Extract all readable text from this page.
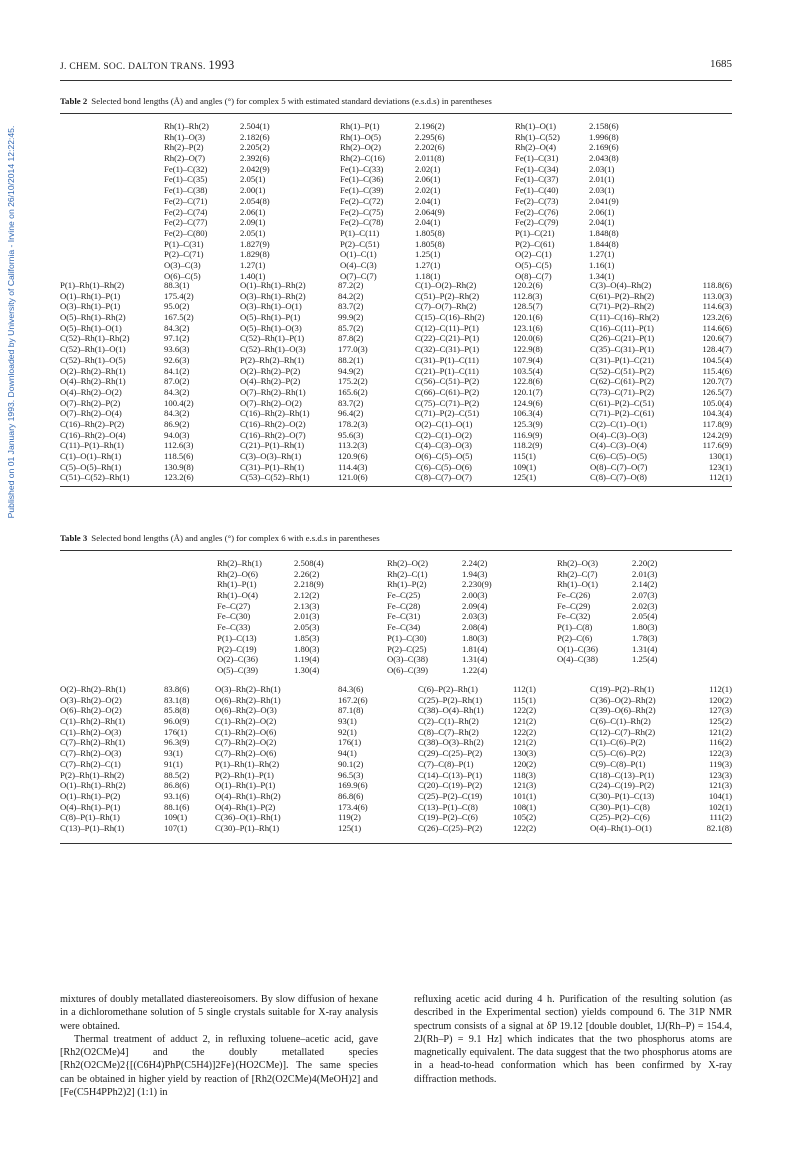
Published on 01 January 1993. Downloaded by University of California - Irvine on 26/10/2014 12:22:45.
J. CHEM. SOC. DALTON TRANS. 1993	1685
Table 2 Selected bond lengths (Å) and angles (°) for complex 5 with estimated standard deviations (e.s.d.s) in parentheses
Rh(1)–Rh(2)	2.504(1)	Rh(1)–P(1)	2.196(2)	Rh(1)–O(1)	2.158(6)
Rh(1)–O(3)	2.182(6)	Rh(1)–O(5)	2.295(6)	Rh(1)–C(52)	1.996(8)
Rh(2)–P(2)	2.205(2)	Rh(2)–O(2)	2.202(6)	Rh(2)–O(4)	2.169(6)
Rh(2)–O(7)	2.392(6)	Rh(2)–C(16)	2.011(8)	Fe(1)–C(31)	2.043(8)
Fe(1)–C(32)	2.042(9)	Fe(1)–C(33)	2.02(1)	Fe(1)–C(34)	2.03(1)
Fe(1)–C(35)	2.05(1)	Fe(1)–C(36)	2.06(1)	Fe(1)–C(37)	2.01(1)
Fe(1)–C(38)	2.00(1)	Fe(1)–C(39)	2.02(1)	Fe(1)–C(40)	2.03(1)
Fe(2)–C(71)	2.054(8)	Fe(2)–C(72)	2.04(1)	Fe(2)–C(73)	2.041(9)
Fe(2)–C(74)	2.06(1)	Fe(2)–C(75)	2.064(9)	Fe(2)–C(76)	2.06(1)
Fe(2)–C(77)	2.09(1)	Fe(2)–C(78)	2.04(1)	Fe(2)–C(79)	2.04(1)
Fe(2)–C(80)	2.05(1)	P(1)–C(11)	1.805(8)	P(1)–C(21)	1.848(8)
P(1)–C(31)	1.827(9)	P(2)–C(51)	1.805(8)	P(2)–C(61)	1.844(8)
P(2)–C(71)	1.829(8)	O(1)–C(1)	1.25(1)	O(2)–C(1)	1.27(1)
O(3)–C(3)	1.27(1)	O(4)–C(3)	1.27(1)	O(5)–C(5)	1.16(1)
O(6)–C(5)	1.40(1)	O(7)–C(7)	1.18(1)	O(8)–C(7)	1.34(1)
P(1)–Rh(1)–Rh(2)	88.3(1)	O(1)–Rh(1)–Rh(2)	87.2(2)	C(1)–O(2)–Rh(2)	120.2(6)	C(3)–O(4)–Rh(2)	118.8(6)
O(1)–Rh(1)–P(1)	175.4(2)	O(3)–Rh(1)–Rh(2)	84.2(2)	C(51)–P(2)–Rh(2)	112.8(3)	C(61)–P(2)–Rh(2)	113.0(3)
O(3)–Rh(1)–P(1)	95.0(2)	O(3)–Rh(1)–O(1)	83.7(2)	C(7)–O(7)–Rh(2)	128.5(7)	C(71)–P(2)–Rh(2)	114.6(3)
O(5)–Rh(1)–Rh(2)	167.5(2)	O(5)–Rh(1)–P(1)	99.9(2)	C(15)–C(16)–Rh(2)	120.1(6)	C(11)–C(16)–Rh(2)	123.2(6)
O(5)–Rh(1)–O(1)	84.3(2)	O(5)–Rh(1)–O(3)	85.7(2)	C(12)–C(11)–P(1)	123.1(6)	C(16)–C(11)–P(1)	114.6(6)
C(52)–Rh(1)–Rh(2)	97.1(2)	C(52)–Rh(1)–P(1)	87.8(2)	C(22)–C(21)–P(1)	120.0(6)	C(26)–C(21)–P(1)	120.6(7)
C(52)–Rh(1)–O(1)	93.6(3)	C(52)–Rh(1)–O(3)	177.0(3)	C(32)–C(31)–P(1)	122.9(8)	C(35)–C(31)–P(1)	128.4(7)
C(52)–Rh(1)–O(5)	92.6(3)	P(2)–Rh(2)–Rh(1)	88.2(1)	C(31)–P(1)–C(11)	107.9(4)	C(31)–P(1)–C(21)	104.5(4)
O(2)–Rh(2)–Rh(1)	84.1(2)	O(2)–Rh(2)–P(2)	94.9(2)	C(21)–P(1)–C(11)	103.5(4)	C(52)–C(51)–P(2)	115.4(6)
O(4)–Rh(2)–Rh(1)	87.0(2)	O(4)–Rh(2)–P(2)	175.2(2)	C(56)–C(51)–P(2)	122.8(6)	C(62)–C(61)–P(2)	120.7(7)
O(4)–Rh(2)–O(2)	84.3(2)	O(7)–Rh(2)–Rh(1)	165.6(2)	C(66)–C(61)–P(2)	120.1(7)	C(73)–C(71)–P(2)	126.5(7)
O(7)–Rh(2)–P(2)	100.4(2)	O(7)–Rh(2)–O(2)	83.7(2)	C(75)–C(71)–P(2)	124.9(6)	C(61)–P(2)–C(51)	105.0(4)
O(7)–Rh(2)–O(4)	84.3(2)	C(16)–Rh(2)–Rh(1)	96.4(2)	C(71)–P(2)–C(51)	106.3(4)	C(71)–P(2)–C(61)	104.3(4)
C(16)–Rh(2)–P(2)	86.9(2)	C(16)–Rh(2)–O(2)	178.2(3)	O(2)–C(1)–O(1)	125.3(9)	C(2)–C(1)–O(1)	117.8(9)
C(16)–Rh(2)–O(4)	94.0(3)	C(16)–Rh(2)–O(7)	95.6(3)	C(2)–C(1)–O(2)	116.9(9)	O(4)–C(3)–O(3)	124.2(9)
C(11)–P(1)–Rh(1)	112.6(3)	C(21)–P(1)–Rh(1)	113.2(3)	C(4)–C(3)–O(3)	118.2(9)	C(4)–C(3)–O(4)	117.6(9)
C(1)–O(1)–Rh(1)	118.5(6)	C(3)–O(3)–Rh(1)	120.9(6)	O(6)–C(5)–O(5)	115(1)	C(6)–C(5)–O(5)	130(1)
C(5)–O(5)–Rh(1)	130.9(8)	C(31)–P(1)–Rh(1)	114.4(3)	C(6)–C(5)–O(6)	109(1)	O(8)–C(7)–O(7)	123(1)
C(51)–C(52)–Rh(1)	123.2(6)	C(53)–C(52)–Rh(1)	121.0(6)	C(8)–C(7)–O(7)	125(1)	C(8)–C(7)–O(8)	112(1)
Table 3 Selected bond lengths (Å) and angles (°) for complex 6 with e.s.d.s in parentheses
Rh(2)–Rh(1)	2.508(4)	Rh(2)–O(2)	2.24(2)	Rh(2)–O(3)	2.20(2)
Rh(2)–O(6)	2.26(2)	Rh(2)–C(1)	1.94(3)	Rh(2)–C(7)	2.01(3)
Rh(1)–P(1)	2.218(9)	Rh(1)–P(2)	2.230(9)	Rh(1)–O(1)	2.14(2)
Rh(1)–O(4)	2.12(2)	Fe–C(25)	2.00(3)	Fe–C(26)	2.07(3)
Fe–C(27)	2.13(3)	Fe–C(28)	2.09(4)	Fe–C(29)	2.02(3)
Fe–C(30)	2.01(3)	Fe–C(31)	2.03(3)	Fe–C(32)	2.05(4)
Fe–C(33)	2.05(3)	Fe–C(34)	2.08(4)	P(1)–C(8)	1.80(3)
P(1)–C(13)	1.85(3)	P(1)–C(30)	1.80(3)	P(2)–C(6)	1.78(3)
P(2)–C(19)	1.80(3)	P(2)–C(25)	1.81(4)	O(1)–C(36)	1.31(4)
O(2)–C(36)	1.19(4)	O(3)–C(38)	1.31(4)	O(4)–C(38)	1.25(4)
O(5)–C(39)	1.30(4)	O(6)–C(39)	1.22(4)
O(2)–Rh(2)–Rh(1)	83.8(6)	O(3)–Rh(2)–Rh(1)	84.3(6)	C(6)–P(2)–Rh(1)	112(1)	C(19)–P(2)–Rh(1)	112(1)
O(3)–Rh(2)–O(2)	83.1(8)	O(6)–Rh(2)–Rh(1)	167.2(6)	C(25)–P(2)–Rh(1)	115(1)	C(36)–O(2)–Rh(2)	120(2)
O(6)–Rh(2)–O(2)	85.8(8)	O(6)–Rh(2)–O(3)	87.1(8)	C(38)–O(4)–Rh(1)	122(2)	C(39)–O(6)–Rh(2)	127(3)
C(1)–Rh(2)–Rh(1)	96.0(9)	C(1)–Rh(2)–O(2)	93(1)	C(2)–C(1)–Rh(2)	121(2)	C(6)–C(1)–Rh(2)	125(2)
C(1)–Rh(2)–O(3)	176(1)	C(1)–Rh(2)–O(6)	92(1)	C(8)–C(7)–Rh(2)	122(2)	C(12)–C(7)–Rh(2)	121(2)
C(7)–Rh(2)–Rh(1)	96.3(9)	C(7)–Rh(2)–O(2)	176(1)	C(38)–O(3)–Rh(2)	121(2)	C(1)–C(6)–P(2)	116(2)
C(7)–Rh(2)–O(3)	93(1)	C(7)–Rh(2)–O(6)	94(1)	C(29)–C(25)–P(2)	130(3)	C(5)–C(6)–P(2)	122(3)
C(7)–Rh(2)–C(1)	91(1)	P(1)–Rh(1)–Rh(2)	90.1(2)	C(7)–C(8)–P(1)	120(2)	C(9)–C(8)–P(1)	119(3)
P(2)–Rh(1)–Rh(2)	88.5(2)	P(2)–Rh(1)–P(1)	96.5(3)	C(14)–C(13)–P(1)	118(3)	C(18)–C(13)–P(1)	123(3)
O(1)–Rh(1)–Rh(2)	86.8(6)	O(1)–Rh(1)–P(1)	169.9(6)	C(20)–C(19)–P(2)	121(3)	C(24)–C(19)–P(2)	121(3)
O(1)–Rh(1)–P(2)	93.1(6)	O(4)–Rh(1)–Rh(2)	86.8(6)	C(25)–P(2)–C(19)	101(1)	C(30)–P(1)–C(13)	104(1)
O(4)–Rh(1)–P(1)	88.1(6)	O(4)–Rh(1)–P(2)	173.4(6)	C(13)–P(1)–C(8)	108(1)	C(30)–P(1)–C(8)	102(1)
C(8)–P(1)–Rh(1)	109(1)	C(36)–O(1)–Rh(1)	119(2)	C(19)–P(2)–C(6)	105(2)	C(25)–P(2)–C(6)	111(2)
C(13)–P(1)–Rh(1)	107(1)	C(30)–P(1)–Rh(1)	125(1)	C(26)–C(25)–P(2)	122(2)	O(4)–Rh(1)–O(1)	82.1(8)

mixtures of doubly metallated diastereoisomers. By slow diffusion of hexane in a dichloromethane solution of 5 single crystals suitable for X-ray analysis were obtained.

Thermal treatment of adduct 2, in refluxing toluene–acetic acid, gave [Rh2(O2CMe)4] and the doubly metallated species [Rh2(O2CMe)2{[(C6H4)PhP(C5H4)]2Fe}(HO2CMe)]. The same species can be obtained in higher yield by reaction of [Rh2(O2CMe)4(MeOH)2] and [Fe(C5H4PPh2)2] (1:1) in

refluxing acetic acid during 4 h. Purification of the resulting solution (as described in the Experimental section) yields compound 6. The 31P NMR spectrum consists of a signal at δP 19.12 [double doublet, 1J(Rh–P) = 154.4, 2J(Rh–P) = 9.1 Hz] which indicates that the two phosphorus atoms are magnetically equivalent. The data suggest that the two phosphorus atoms are in a head-to-head conformation which has been confirmed by X-ray diffraction methods.
